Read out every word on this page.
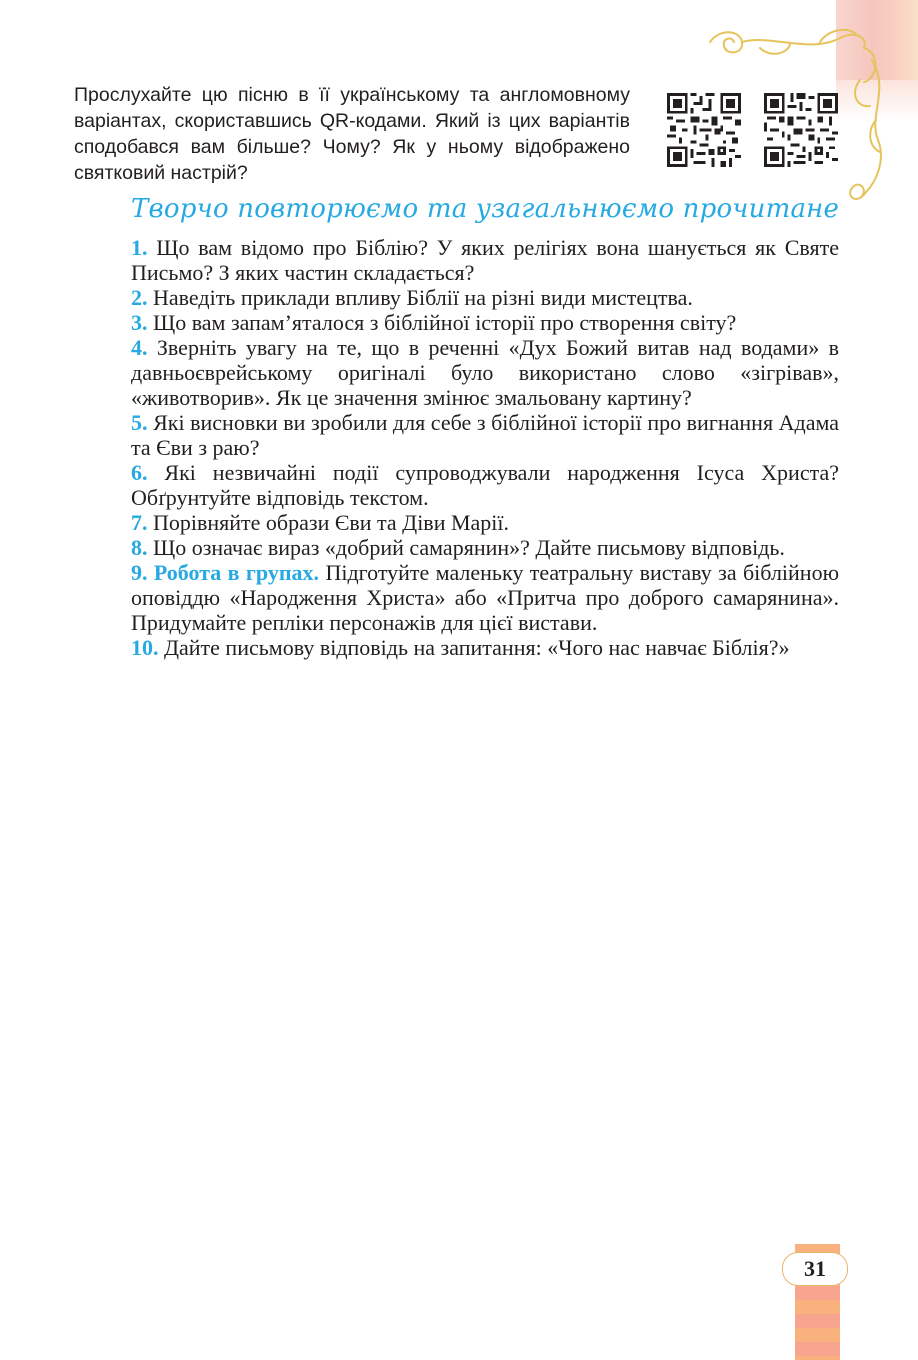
Прослухайте цю пісню в її українському та англомовному варіантах, скориставшись QR-кодами. Який із цих варіантів сподобався вам більше? Чому? Як у ньому відображено святковий настрій?
Творчо повторюємо та узагальнюємо прочитане
1. Що вам відомо про Біблію? У яких релігіях вона шанується як Святе Письмо? З яких частин складається?
2. Наведіть приклади впливу Біблії на різні види мистецтва.
3. Що вам запам’яталося з біблійної історії про створення світу?
4. Зверніть увагу на те, що в реченні «Дух Божий витав над водами» в давньоєврейському оригіналі було використано слово «зігрівав», «животворив». Як це значення змінює змальовану картину?
5. Які висновки ви зробили для себе з біблійної історії про вигнання Адама та Єви з раю?
6. Які незвичайні події супроводжували народження Ісуса Христа? Обґрунтуйте відповідь текстом.
7. Порівняйте образи Єви та Діви Марії.
8. Що означає вираз «добрий самарянин»? Дайте письмову відповідь.
9. Робота в групах. Підготуйте маленьку театральну виставу за біблійною оповіддю «Народження Христа» або «Притча про доброго самарянина». Придумайте репліки персонажів для цієї вистави.
10. Дайте письмову відповідь на запитання: «Чого нас навчає Біблія?»
31
